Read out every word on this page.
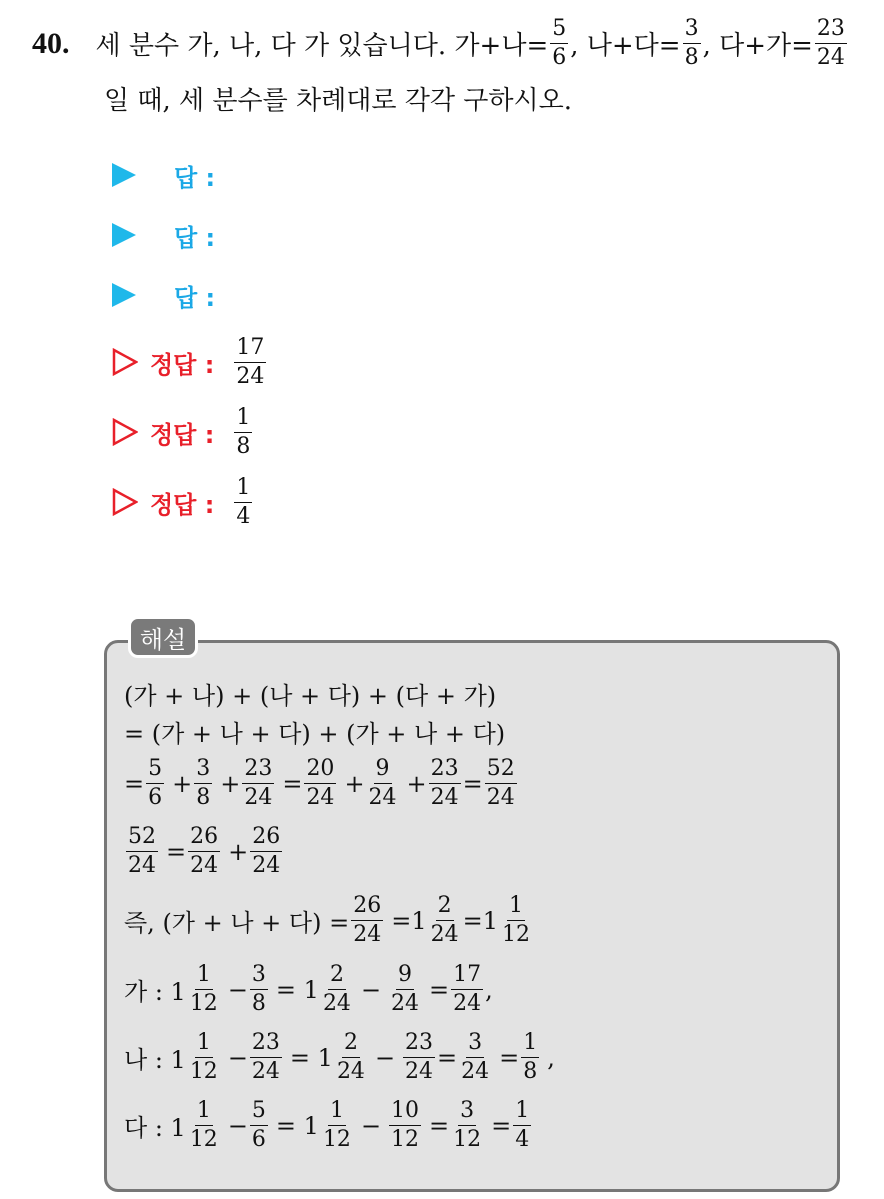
40. 세 분수 가, 나, 다 가 있습니다. 가+나= $\frac{5}{6}$ , 나+다= $\frac{3}{8}$ , 다+가= $\frac{23}{24}$
일 때, 세 분수를 차례대로 각각 구하시오.
답 :
답 :
답 :
정답 : $\frac{17}{24}$
정답 : $\frac{1}{8}$
정답 : $\frac{1}{4}$
해설
(가 + 나) + (나 + 다) + (다 + 가)
= (가 + 나 + 다) + (가 + 나 + 다)
= $\frac{5}{6} + \frac{3}{8} + \frac{23}{24} = \frac{20}{24} + \frac{9}{24} + \frac{23}{24} = \frac{52}{24}$
$\frac{52}{24} = \frac{26}{24} + \frac{26}{24}$
즉, (가 + 나 + 다) = $\frac{26}{24} =1 \frac{2}{24} =1 \frac{1}{12}$
가 : $1 \frac{1}{12} - \frac{3}{8} = 1 \frac{2}{24} - \frac{9}{24} = \frac{17}{24}$ ,
나 : $1 \frac{1}{12} - \frac{23}{24} = 1 \frac{2}{24} - \frac{23}{24} = \frac{3}{24} = \frac{1}{8}$ ,
다 : $1 \frac{1}{12} - \frac{5}{6} = 1 \frac{1}{12} - \frac{10}{12} = \frac{3}{12} = \frac{1}{4}$
